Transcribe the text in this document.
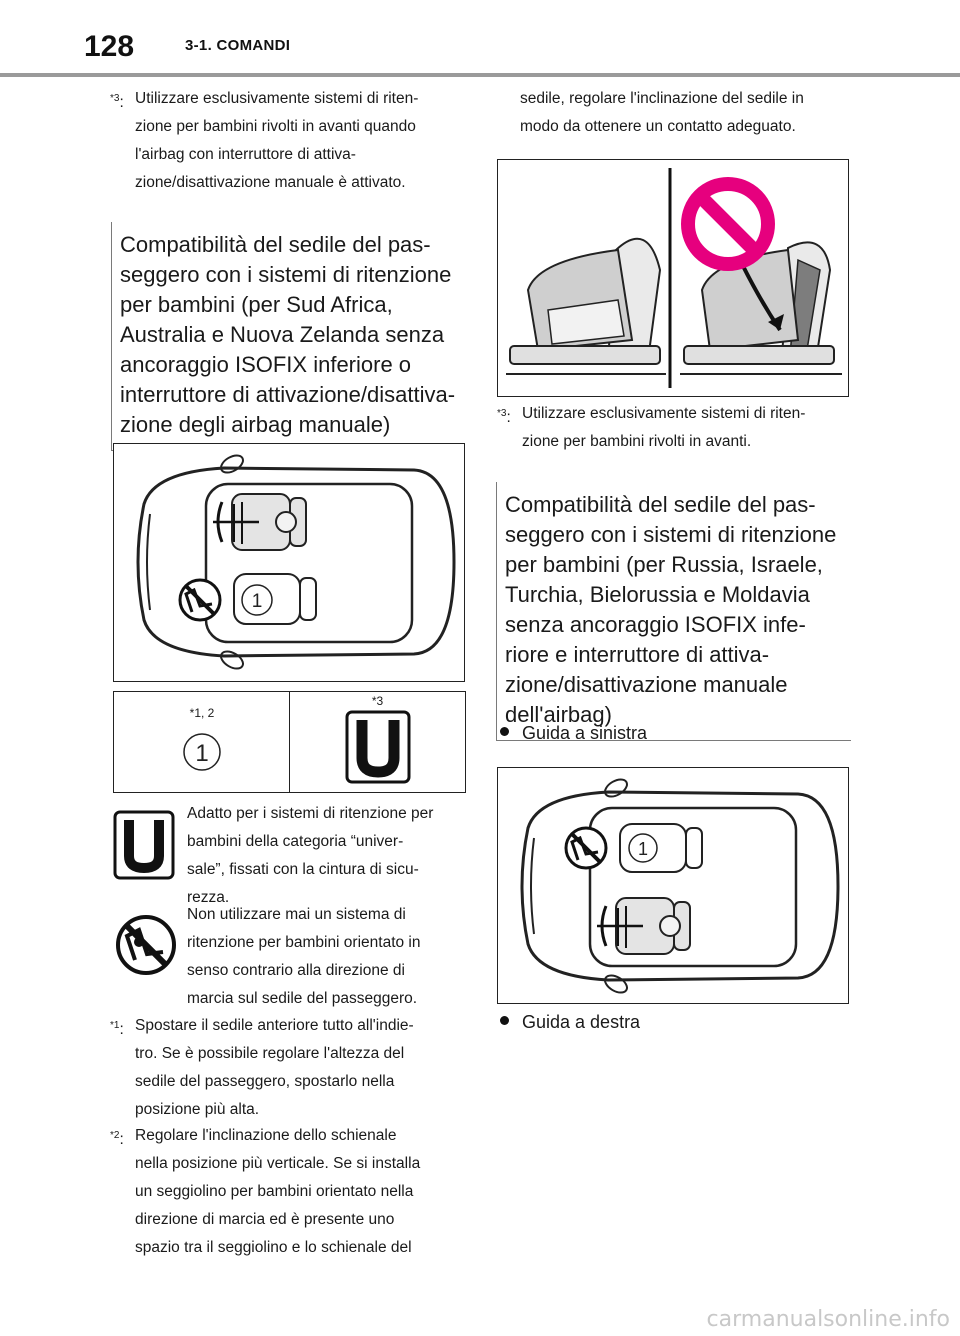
128	3-1. COMANDI
$^{*3}$: Utilizzare esclusivamente sistemi di riten-
zione per bambini rivolti in avanti quando
l'airbag con interruttore di attiva-
zione/disattivazione manuale è attivato.
Compatibilità del sedile del pas-
seggero con i sistemi di ritenzione
per bambini (per Sud Africa,
Australia e Nuova Zelanda senza
ancoraggio ISOFIX inferiore o
interruttore di attivazione/disattiva-
zione degli airbag manuale)
1
*1, 2
1
*3
Adatto per i sistemi di ritenzione per
bambini della categoria “univer-
sale”, fissati con la cintura di sicu-
rezza.
Non utilizzare mai un sistema di
ritenzione per bambini orientato in
senso contrario alla direzione di
marcia sul sedile del passeggero.
$^{*1}$: Spostare il sedile anteriore tutto all'indie-
tro. Se è possibile regolare l'altezza del
sedile del passeggero, spostarlo nella
posizione più alta.
$^{*2}$: Regolare l'inclinazione dello schienale
nella posizione più verticale. Se si installa
un seggiolino per bambini orientato nella
direzione di marcia ed è presente uno
spazio tra il seggiolino e lo schienale del
sedile, regolare l'inclinazione del sedile in
modo da ottenere un contatto adeguato.
$^{*3}$: Utilizzare esclusivamente sistemi di riten-
zione per bambini rivolti in avanti.
Compatibilità del sedile del pas-
seggero con i sistemi di ritenzione
per bambini (per Russia, Israele,
Turchia, Bielorussia e Moldavia
senza ancoraggio ISOFIX infe-
riore e interruttore di attiva-
zione/disattivazione manuale
dell'airbag)
Guida a sinistra
1
Guida a destra
carmanualsonline.info
